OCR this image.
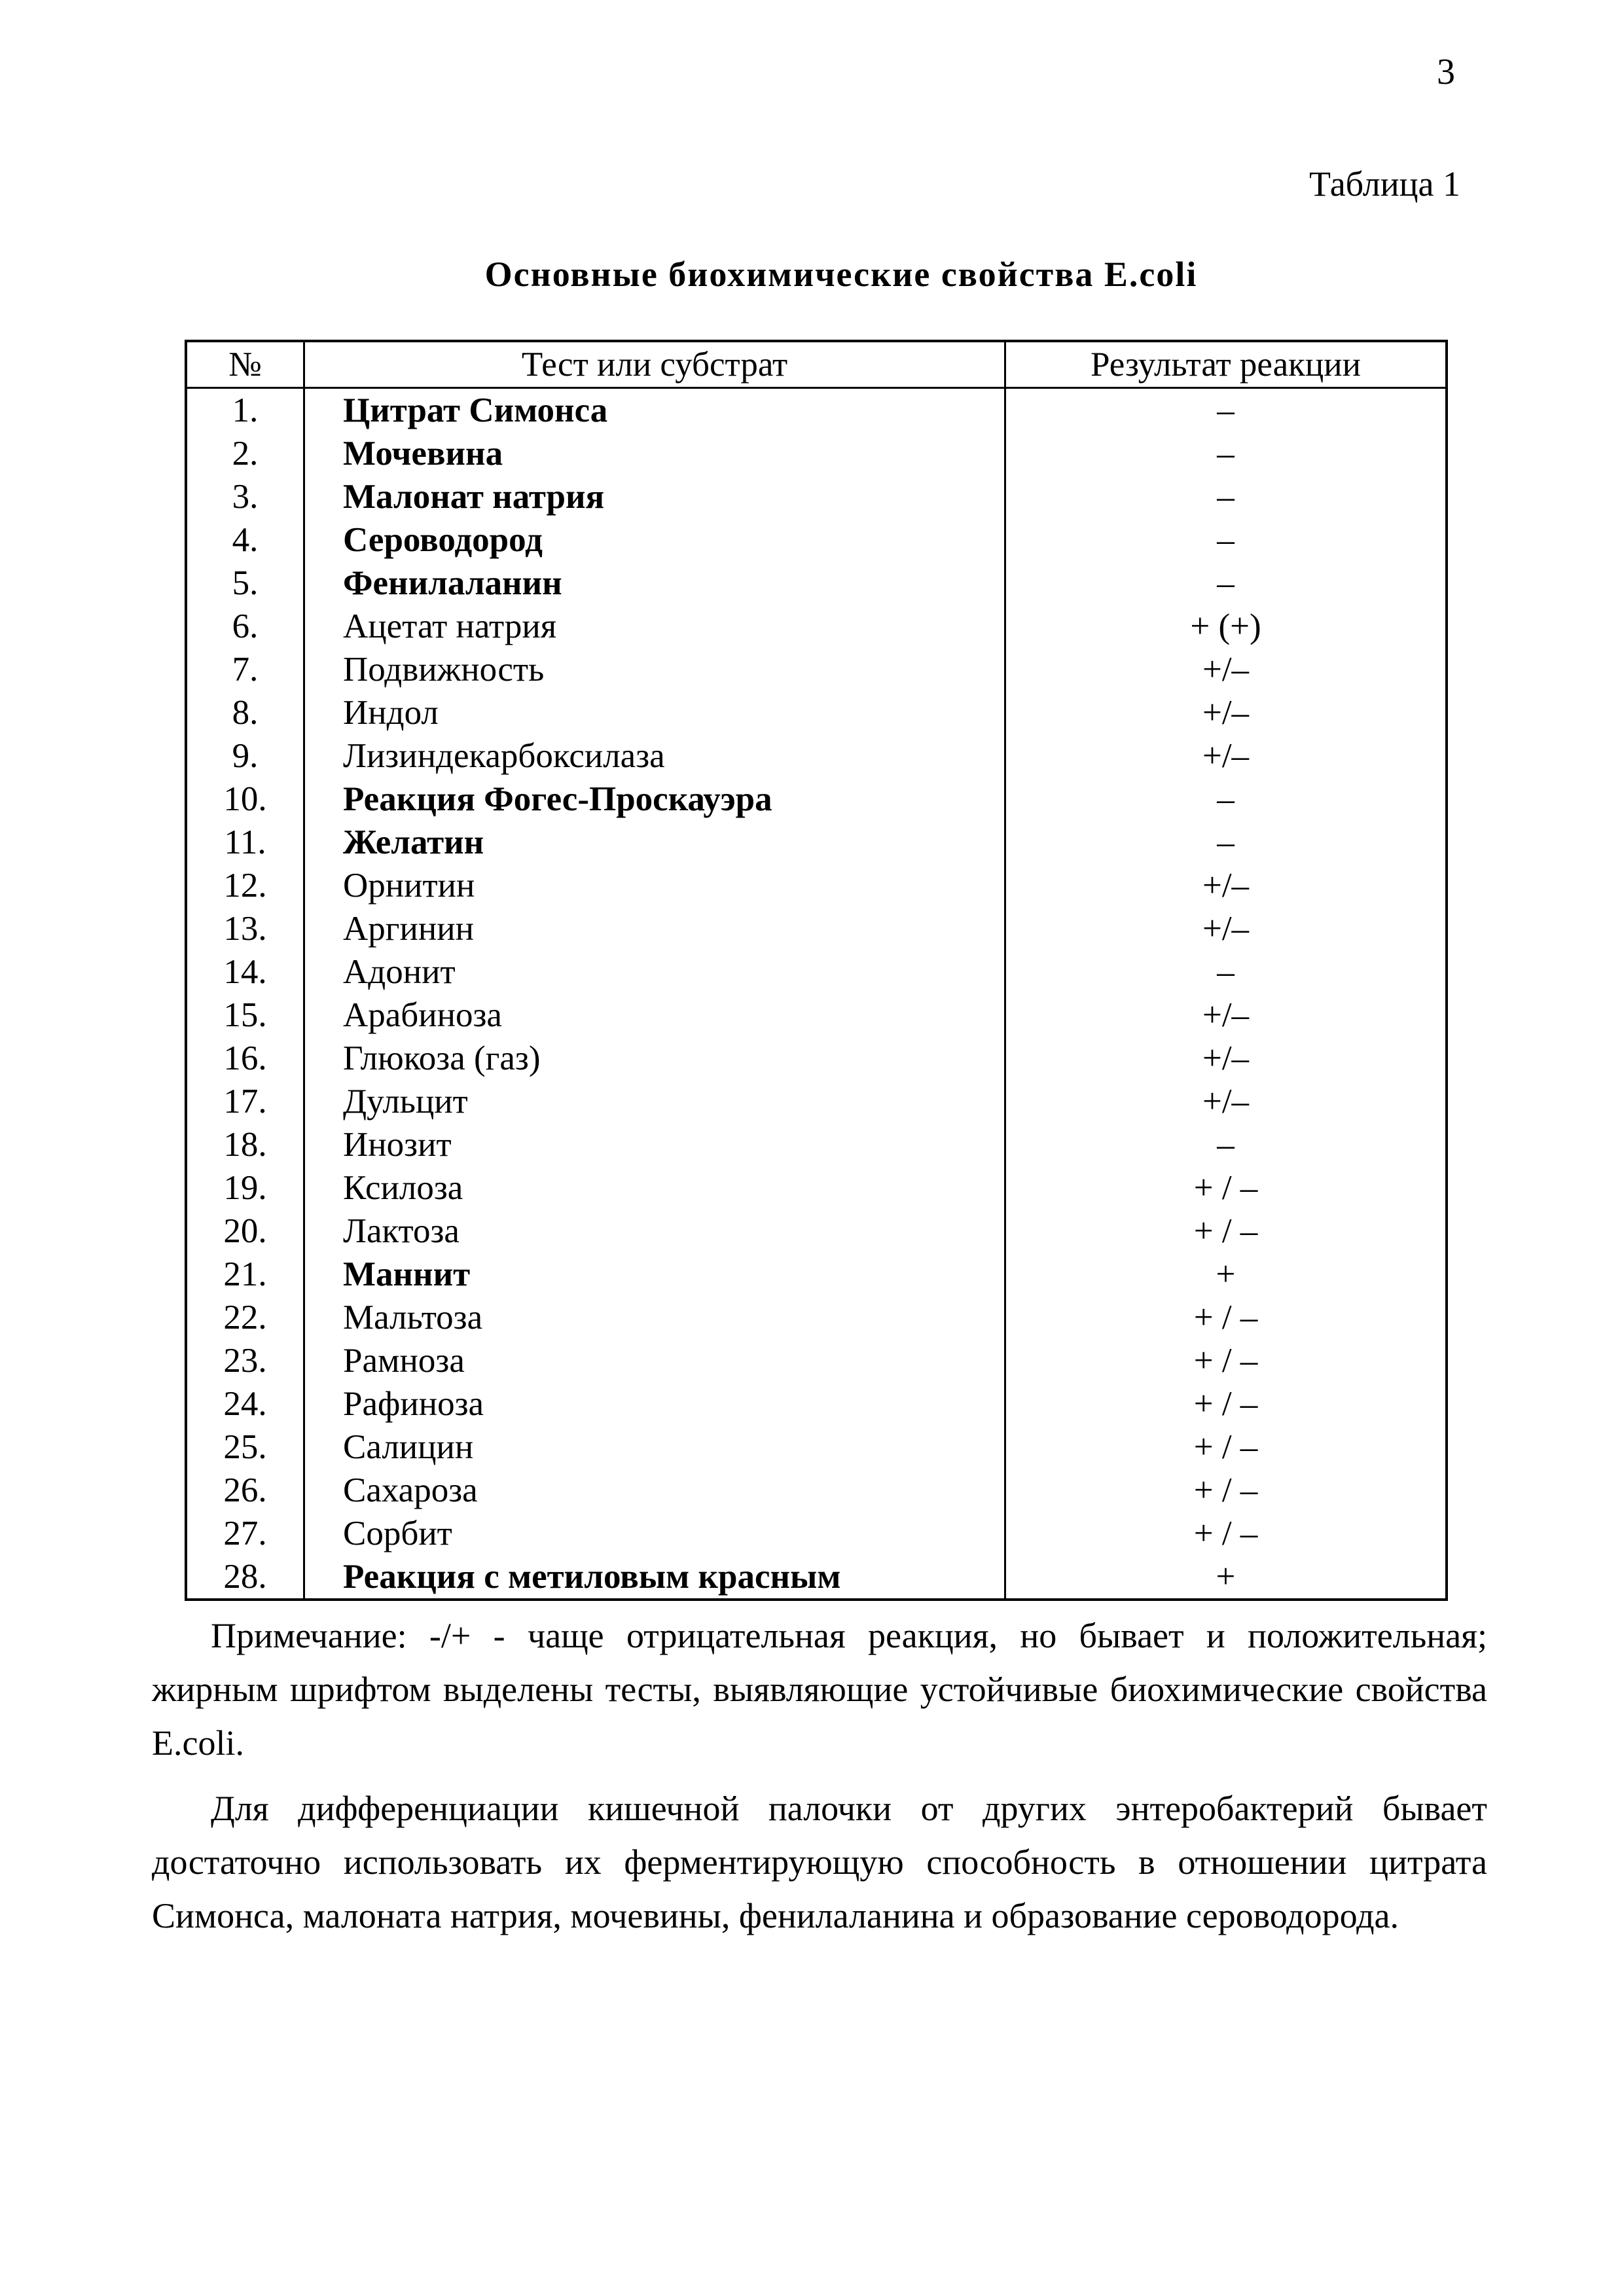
3
Таблица 1
Основные биохимические свойства E.coli
№	Тест или субстрат	Результат реакции
1.	Цитрат Симонса	–
2.	Мочевина	–
3.	Малонат натрия	–
4.	Сероводород	–
5.	Фенилаланин	–
6.	Ацетат натрия	+ (+)
7.	Подвижность	+/–
8.	Индол	+/–
9.	Лизиндекарбоксилаза	+/–
10.	Реакция Фогес-Проскауэра	–
11.	Желатин	–
12.	Орнитин	+/–
13.	Аргинин	+/–
14.	Адонит	–
15.	Арабиноза	+/–
16.	Глюкоза (газ)	+/–
17.	Дульцит	+/–
18.	Инозит	–
19.	Ксилоза	+ / –
20.	Лактоза	+ / –
21.	Маннит	+
22.	Мальтоза	+ / –
23.	Рамноза	+ / –
24.	Рафиноза	+ / –
25.	Салицин	+ / –
26.	Сахароза	+ / –
27.	Сорбит	+ / –
28.	Реакция с метиловым красным	+
Примечание: -/+ - чаще отрицательная реакция, но бывает и положительная; жирным шрифтом выделены тесты, выявляющие устойчивые биохимические свойства E.coli.
Для дифференциации кишечной палочки от других энтеробактерий бывает достаточно использовать их ферментирующую способность в отношении цитрата Симонса, малоната натрия, мочевины, фенилаланина и образование сероводорода.
